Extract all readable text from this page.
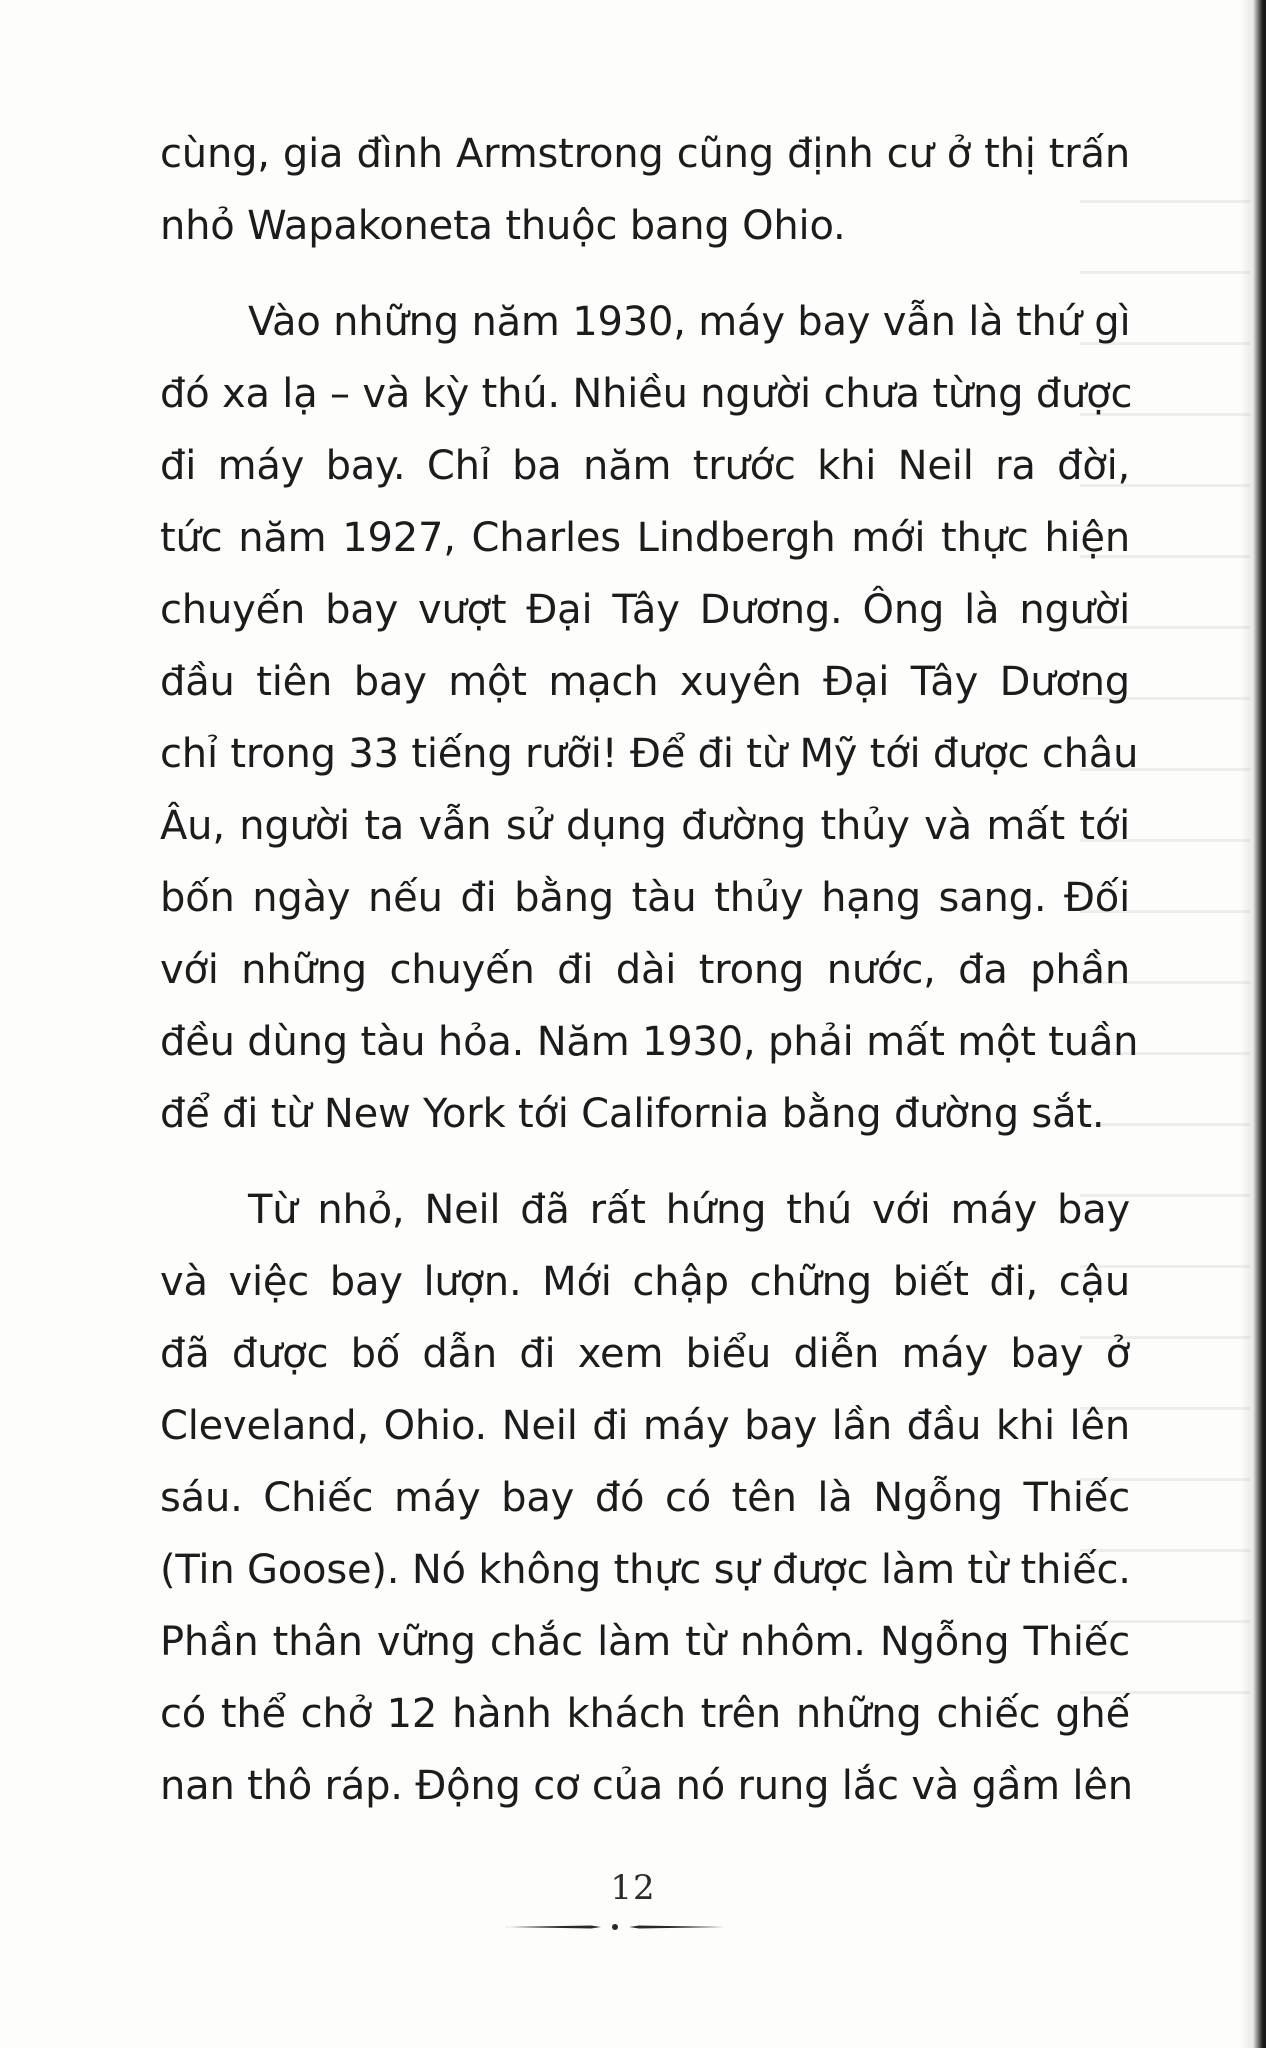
cùng, gia đình Armstrong cũng định cư ở thị trấn
nhỏ Wapakoneta thuộc bang Ohio.

Vào những năm 1930, máy bay vẫn là thứ gì
đó xa lạ – và kỳ thú. Nhiều người chưa từng được
đi máy bay. Chỉ ba năm trước khi Neil ra đời,
tức năm 1927, Charles Lindbergh mới thực hiện
chuyến bay vượt Đại Tây Dương. Ông là người
đầu tiên bay một mạch xuyên Đại Tây Dương
chỉ trong 33 tiếng rưỡi! Để đi từ Mỹ tới được châu
Âu, người ta vẫn sử dụng đường thủy và mất tới
bốn ngày nếu đi bằng tàu thủy hạng sang. Đối
với những chuyến đi dài trong nước, đa phần
đều dùng tàu hỏa. Năm 1930, phải mất một tuần
để đi từ New York tới California bằng đường sắt.

Từ nhỏ, Neil đã rất hứng thú với máy bay
và việc bay lượn. Mới chập chững biết đi, cậu
đã được bố dẫn đi xem biểu diễn máy bay ở
Cleveland, Ohio. Neil đi máy bay lần đầu khi lên
sáu. Chiếc máy bay đó có tên là Ngỗng Thiếc
(Tin Goose). Nó không thực sự được làm từ thiếc.
Phần thân vững chắc làm từ nhôm. Ngỗng Thiếc
có thể chở 12 hành khách trên những chiếc ghế
nan thô ráp. Động cơ của nó rung lắc và gầm lên

12
